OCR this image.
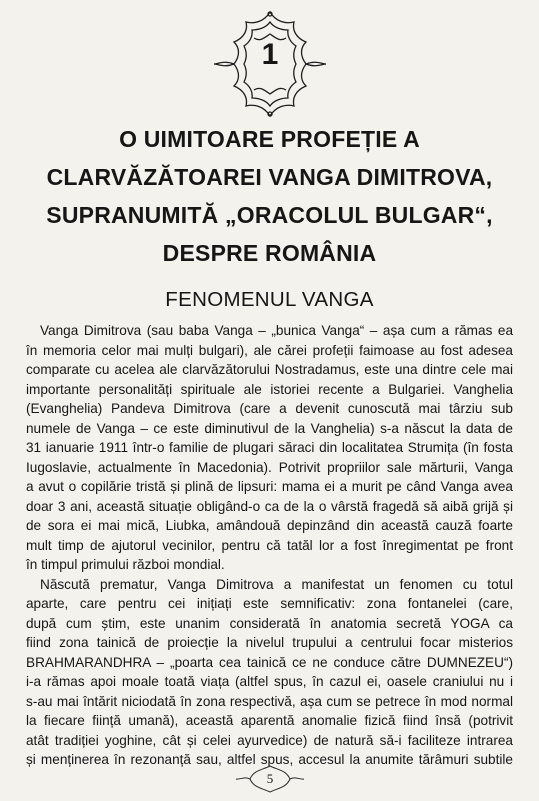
1
O UIMITOARE PROFEȚIE A
CLARVĂZĂTOAREI VANGA DIMITROVA,
SUPRANUMITĂ „ORACOLUL BULGAR“,
DESPRE ROMÂNIA
FENOMENUL VANGA
Vanga Dimitrova (sau baba Vanga – „bunica Vanga“ – așa cum a rămas ea
în memoria celor mai mulți bulgari), ale cărei profeții faimoase au fost adesea
comparate cu acelea ale clarvăzătorului Nostradamus, este una dintre cele mai
importante personalități spirituale ale istoriei recente a Bulgariei. Vanghelia
(Evanghelia) Pandeva Dimitrova (care a devenit cunoscută mai târziu sub
numele de Vanga – ce este diminutivul de la Vanghelia) s-a născut la data de
31 ianuarie 1911 într-o familie de plugari săraci din localitatea Strumița (în fosta
Iugoslavie, actualmente în Macedonia). Potrivit propriilor sale mărturii, Vanga
a avut o copilărie tristă și plină de lipsuri: mama ei a murit pe când Vanga avea
doar 3 ani, această situație obligând-o ca de la o vârstă fragedă să aibă grijă și
de sora ei mai mică, Liubka, amândouă depinzând din această cauză foarte
mult timp de ajutorul vecinilor, pentru că tatăl lor a fost înregimentat pe front
în timpul primului război mondial.
Născută prematur, Vanga Dimitrova a manifestat un fenomen cu totul
aparte, care pentru cei inițiați este semnificativ: zona fontanelei (care,
după cum știm, este unanim considerată în anatomia secretă YOGA ca
fiind zona tainică de proiecție la nivelul trupului a centrului focar misterios
BRAHMARANDHRA – „poarta cea tainică ce ne conduce către DUMNEZEU“)
i-a rămas apoi moale toată viața (altfel spus, în cazul ei, oasele craniului nu i
s-au mai întărit niciodată în zona respectivă, așa cum se petrece în mod normal
la fiecare ființă umană), această aparentă anomalie fizică fiind însă (potrivit
atât tradiției yoghine, cât și celei ayurvedice) de natură să-i faciliteze intrarea
și menținerea în rezonanță sau, altfel spus, accesul la anumite tărâmuri subtile
5
